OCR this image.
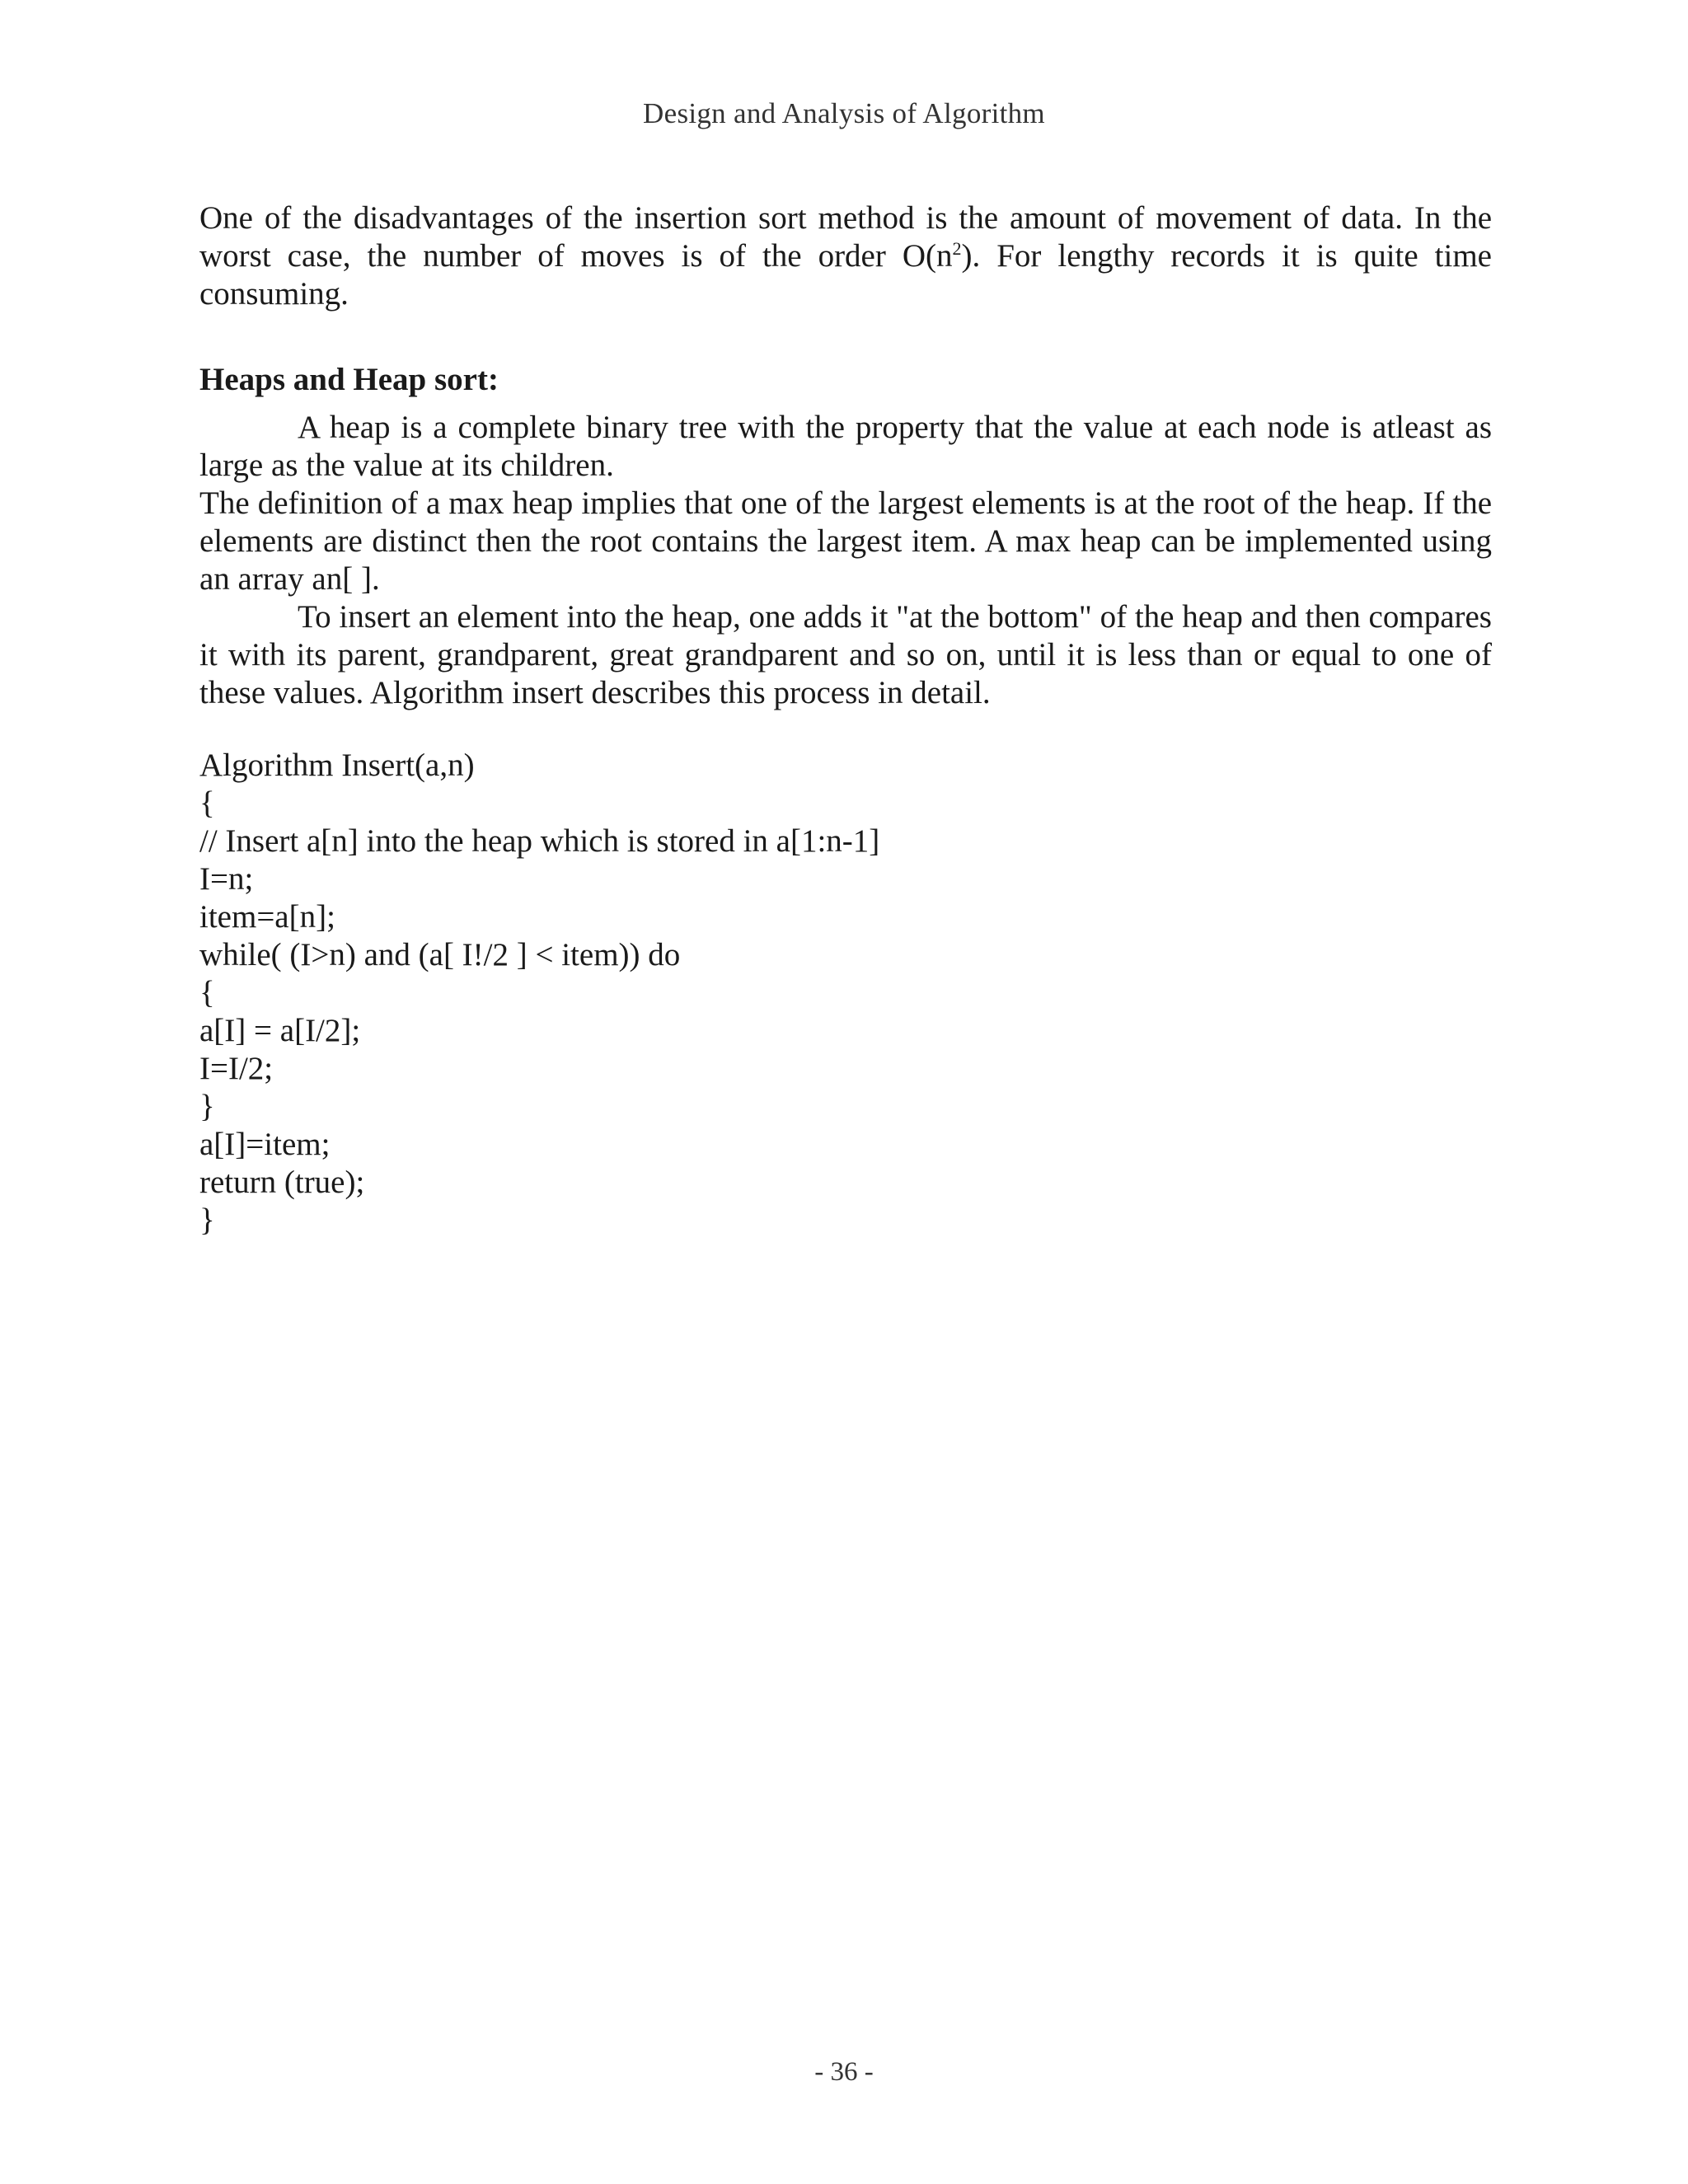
Design and Analysis of Algorithm

One of the disadvantages of the insertion sort method is the amount of movement of data. In the worst case, the number of moves is of the order $O(n^2)$. For lengthy records it is quite time consuming.

Heaps and Heap sort:

A heap is a complete binary tree with the property that the value at each node is atleast as large as the value at its children.

The definition of a max heap implies that one of the largest elements is at the root of the heap. If the elements are distinct then the root contains the largest item. A max heap can be implemented using an array an[ ].

To insert an element into the heap, one adds it "at the bottom" of the heap and then compares it with its parent, grandparent, great grandparent and so on, until it is less than or equal to one of these values. Algorithm insert describes this process in detail.

Algorithm Insert(a,n)
{
// Insert a[n] into the heap which is stored in a[1:n-1]
I=n;
item=a[n];
while( (I>n) and (a[ I!/2 ] < item)) do
{
a[I] = a[I/2];
I=I/2;
}
a[I]=item;
return (true);
}
- 36 -
